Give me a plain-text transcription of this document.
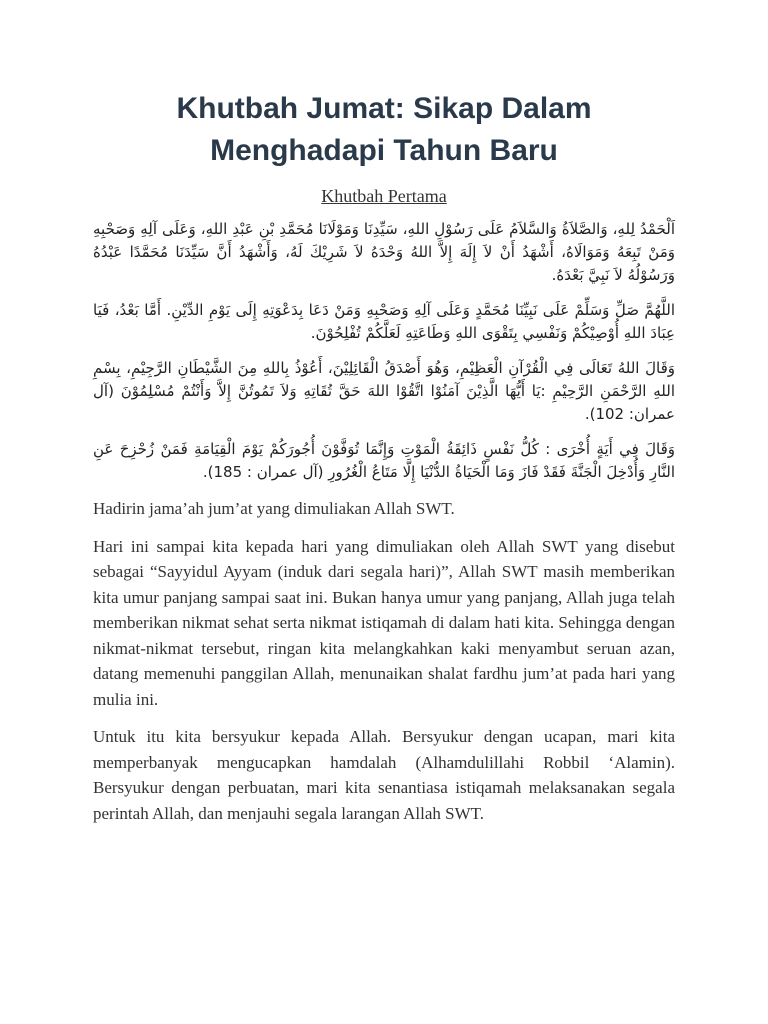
Khutbah Jumat: Sikap Dalam Menghadapi Tahun Baru
Khutbah Pertama

اَلْحَمْدُ لِلهِ، وَالصَّلاَةُ وَالسَّلاَمُ عَلَى رَسُوْلِ اللهِ، سَيِّدِنَا وَمَوْلَانَا مُحَمَّدِ بْنِ عَبْدِ اللهِ، وَعَلَى آلِهِ وَصَحْبِهِ وَمَنْ تَبِعَهُ وَمَوَالَاهُ، أَشْهَدُ أَنْ لاَ إِلَهَ إِلاَّ اللهُ وَحْدَهُ لاَ شَرِيْكَ لَهُ، وَأَشْهَدُ أَنَّ سَيِّدَنَا مُحَمَّدًا عَبْدُهُ وَرَسُوْلُهُ لاَ نَبِيَّ بَعْدَهُ.

اللَّهُمَّ صَلِّ وَسَلِّمْ عَلَى نَبِيِّنَا مُحَمَّدٍ وَعَلَى آلِهِ وَصَحْبِهِ وَمَنْ دَعَا بِدَعْوَتِهِ إِلَى يَوْمِ الدِّيْنِ. أَمَّا بَعْدُ، فَيَا عِبَادَ اللهِ أُوْصِيْكُمْ وَنَفْسِي بِتَقْوَى اللهِ وَطَاعَتِهِ لَعَلَّكُمْ تُفْلِحُوْنَ.

وَقَالَ اللهُ تَعَالَى فِي الْقُرْآنِ الْعَظِيْمِ، وَهُوَ أَصْدَقُ الْقَائِلِيْنَ، أَعُوْذُ بِاللهِ مِنَ الشَّيْطَانِ الرَّجِيْمِ، بِسْمِ اللهِ الرَّحْمَنِ الرَّحِيْمِ :يَا أَيُّهَا الَّذِيْنَ آمَنُوْا اتَّقُوْا اللهَ حَقَّ تُقَاتِهِ وَلاَ تَمُوتُنَّ إِلاَّ وَأَنْتُمْ مُسْلِمُوْنَ (آل عمران: 102).

وَقَالَ فِي أَيَةٍ أُخْرَى : كُلُّ نَفْسٍ ذَائِقَةُ الْمَوْتِ وَإِنَّمَا تُوَفَّوْنَ أُجُورَكُمْ يَوْمَ الْقِيَامَةِ فَمَنْ زُحْزِحَ عَنِ النَّارِ وَأُدْخِلَ الْجَنَّةَ فَقَدْ فَازَ وَمَا الْحَيَاةُ الدُّنْيَا إِلَّا مَتَاعُ الْغُرُورِ (آل عمران : 185).

Hadirin jama’ah jum’at yang dimuliakan Allah SWT.

Hari ini sampai kita kepada hari yang dimuliakan oleh Allah SWT yang disebut sebagai “Sayyidul Ayyam (induk dari segala hari)”, Allah SWT masih memberikan kita umur panjang sampai saat ini. Bukan hanya umur yang panjang, Allah juga telah memberikan nikmat sehat serta nikmat istiqamah di dalam hati kita. Sehingga dengan nikmat-nikmat tersebut, ringan kita melangkahkan kaki menyambut seruan azan, datang memenuhi panggilan Allah, menunaikan shalat fardhu jum’at pada hari yang mulia ini.

Untuk itu kita bersyukur kepada Allah. Bersyukur dengan ucapan, mari kita memperbanyak mengucapkan hamdalah (Alhamdulillahi Robbil ‘Alamin). Bersyukur dengan perbuatan, mari kita senantiasa istiqamah melaksanakan segala perintah Allah, dan menjauhi segala larangan Allah SWT.
